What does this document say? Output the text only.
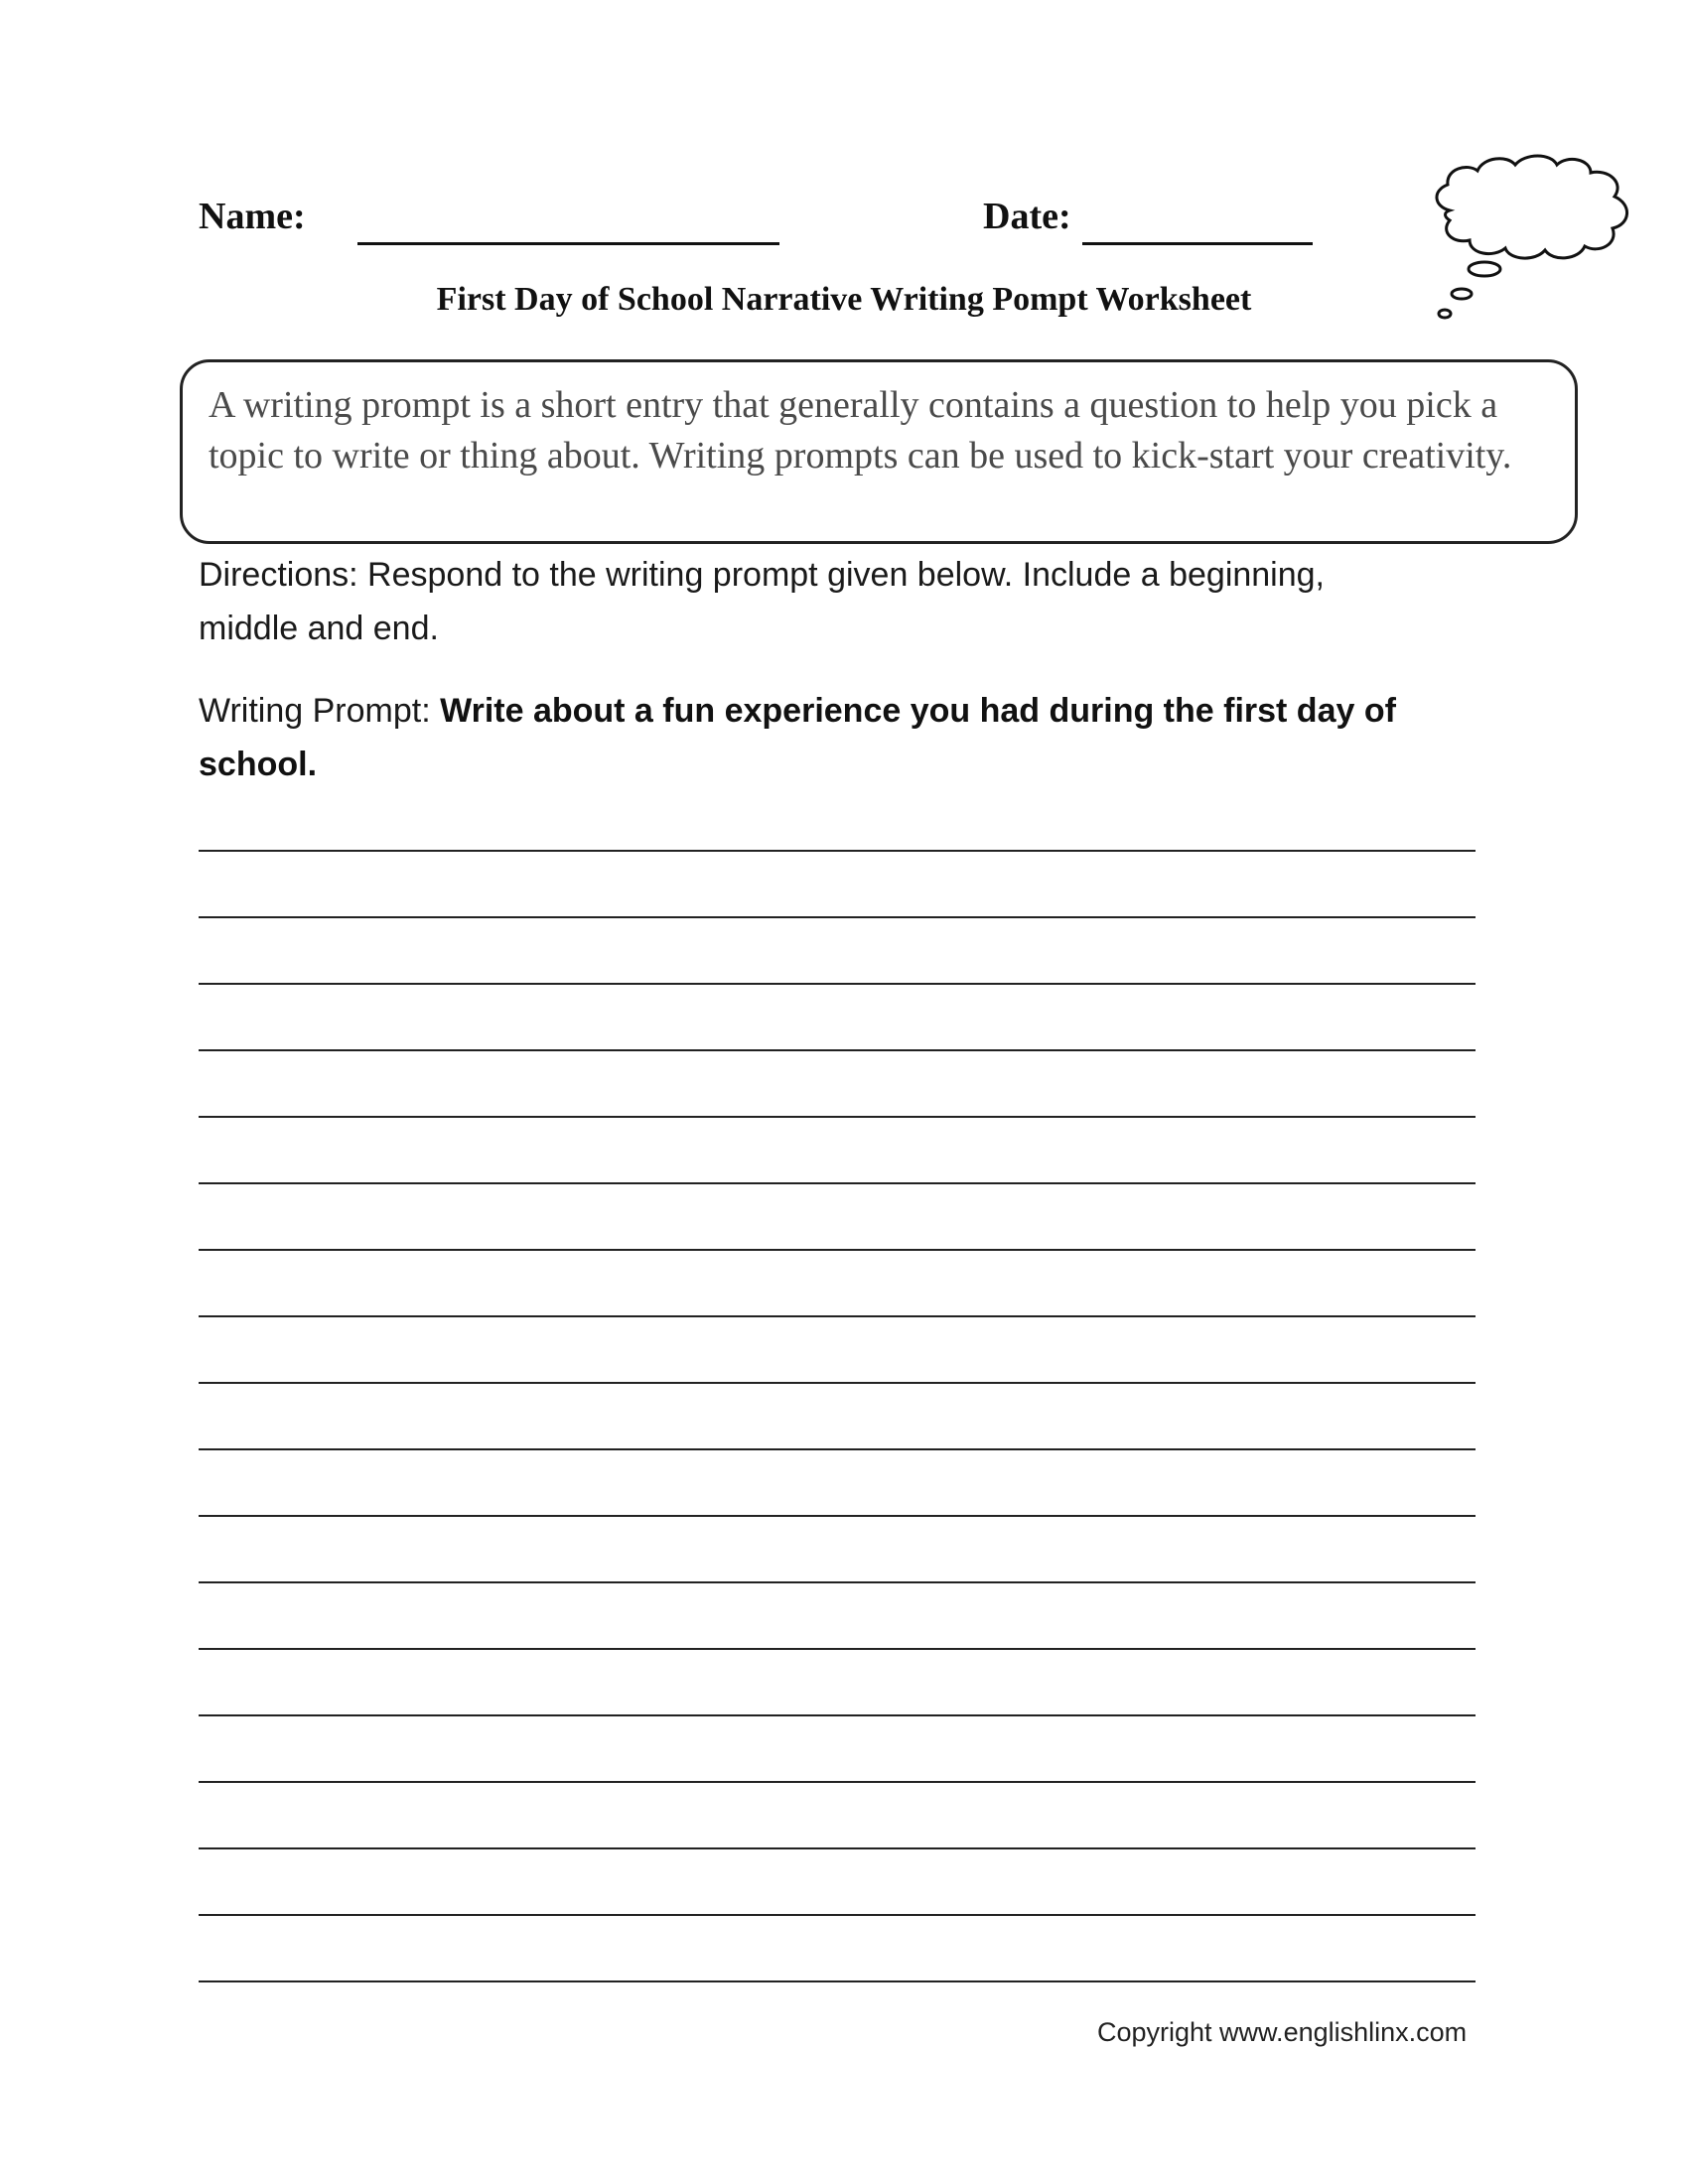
Name:	Date:
First Day of School Narrative Writing Pompt Worksheet
A writing prompt is a short entry that generally contains a question to help you pick a topic to write or thing about. Writing prompts can be used to kick-start your creativity.
Directions: Respond to the writing prompt given below. Include a beginning, middle and end.
Writing Prompt: Write about a fun experience you had during the first day of school.
Copyright www.englishlinx.com
